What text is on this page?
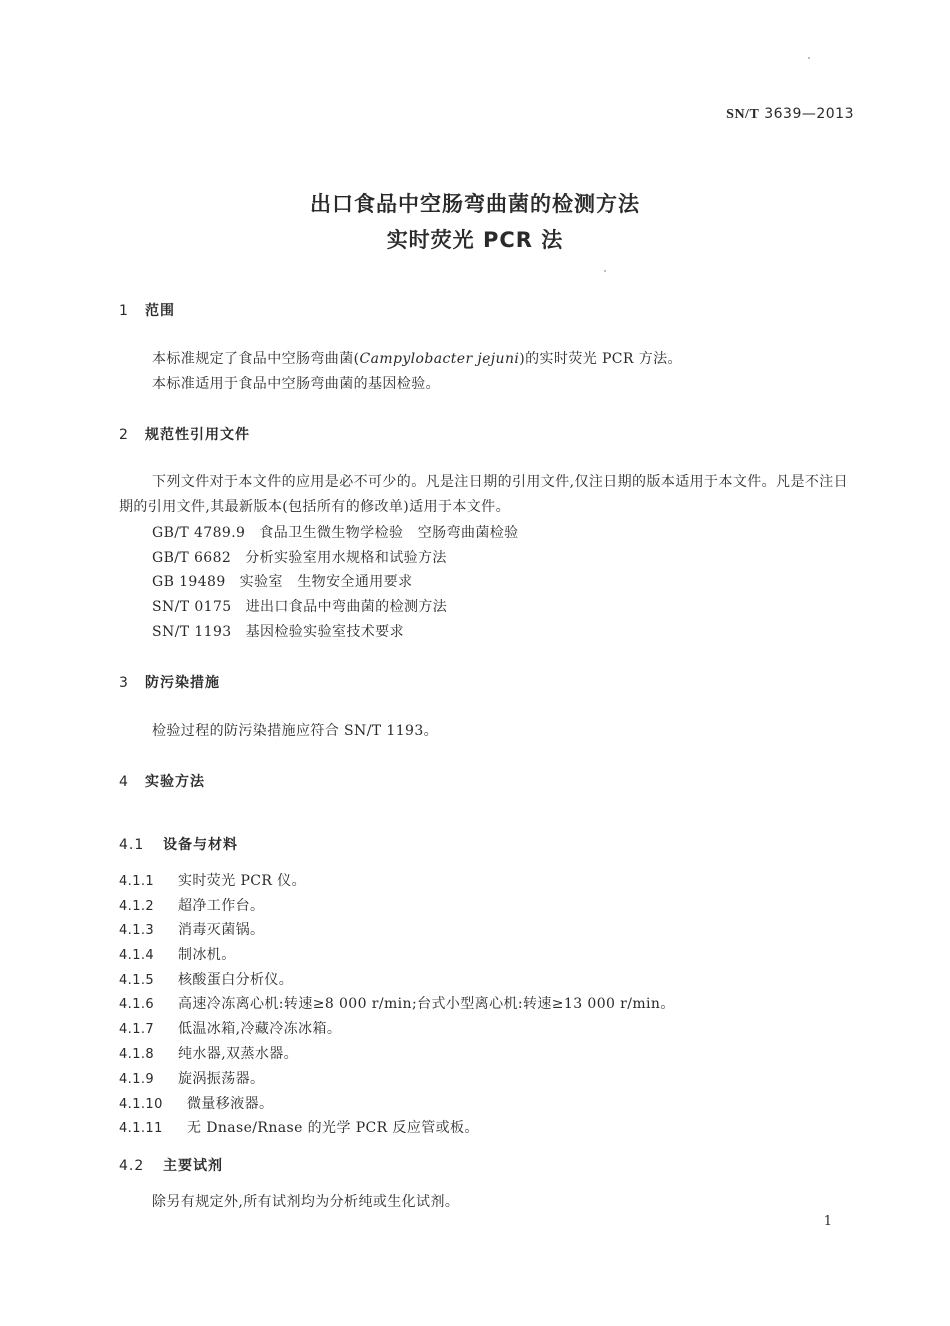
SN/T 3639—2013
出口食品中空肠弯曲菌的检测方法
实时荧光 PCR 法
1 范围
本标准规定了食品中空肠弯曲菌(Campylobacter jejuni)的实时荧光 PCR 方法。
本标准适用于食品中空肠弯曲菌的基因检验。
2 规范性引用文件
下列文件对于本文件的应用是必不可少的。凡是注日期的引用文件,仅注日期的版本适用于本文件。凡是不注日期的引用文件,其最新版本(包括所有的修改单)适用于本文件。
GB/T 4789.9 食品卫生微生物学检验　空肠弯曲菌检验
GB/T 6682 分析实验室用水规格和试验方法
GB 19489 实验室　生物安全通用要求
SN/T 0175 进出口食品中弯曲菌的检测方法
SN/T 1193 基因检验实验室技术要求
3 防污染措施
检验过程的防污染措施应符合 SN/T 1193。
4 实验方法
4.1 设备与材料
4.1.1 实时荧光 PCR 仪。
4.1.2 超净工作台。
4.1.3 消毒灭菌锅。
4.1.4 制冰机。
4.1.5 核酸蛋白分析仪。
4.1.6 高速冷冻离心机:转速≥8 000 r/min;台式小型离心机:转速≥13 000 r/min。
4.1.7 低温冰箱,冷藏冷冻冰箱。
4.1.8 纯水器,双蒸水器。
4.1.9 旋涡振荡器。
4.1.10 微量移液器。
4.1.11 无 Dnase/Rnase 的光学 PCR 反应管或板。
4.2 主要试剂
除另有规定外,所有试剂均为分析纯或生化试剂。
1
